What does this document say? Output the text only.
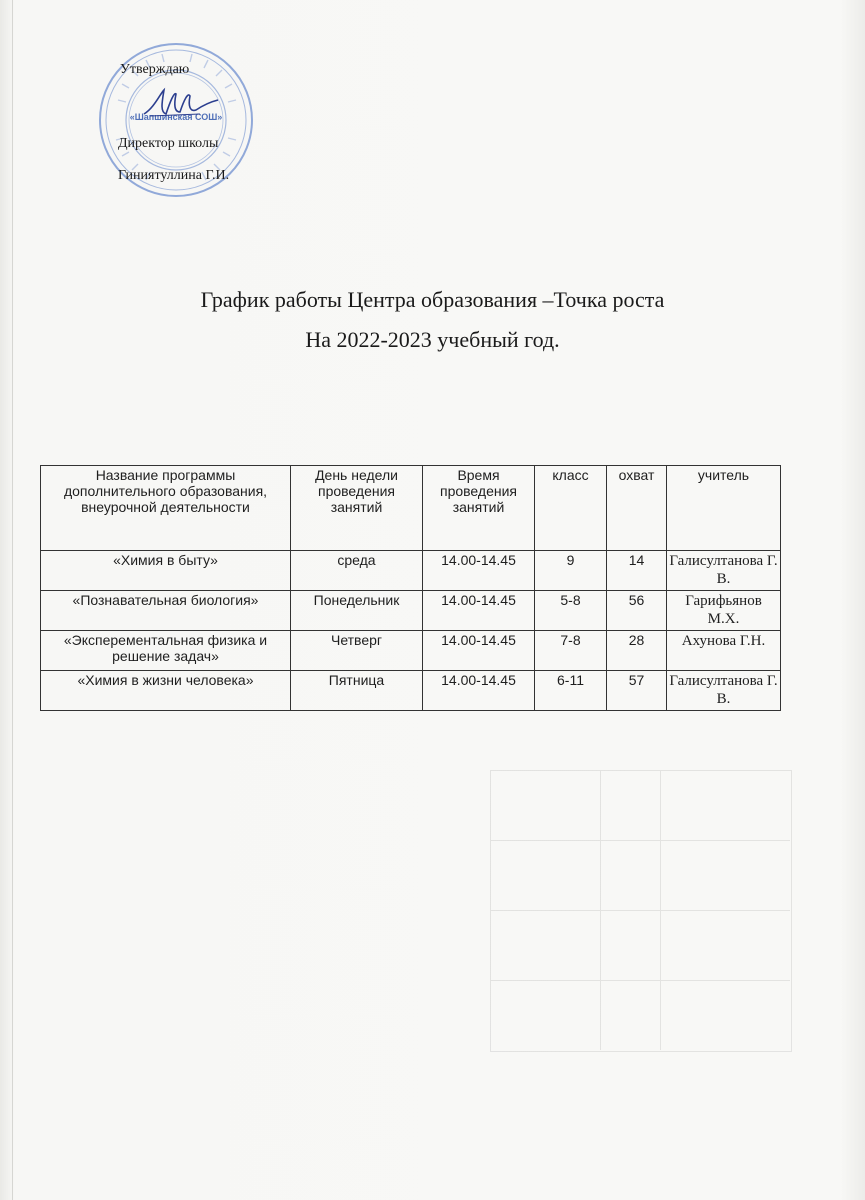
«Шапшинская СОШ»
Утверждаю
Директор школы
Гиниятуллина Г.И.
График работы Центра образования –Точка роста
На 2022-2023 учебный год.
Название программы дополнительного образования, внеурочной деятельности	День недели проведения занятий	Время проведения занятий	класс	охват	учитель
«Химия в быту»	среда	14.00-14.45	9	14	Галисултанова Г.В.
«Познавательная биология»	Понедельник	14.00-14.45	5-8	56	Гарифьянов М.Х.
«Эксперементальная физика и решение задач»	Четверг	14.00-14.45	7-8	28	Ахунова Г.Н.
«Химия в жизни человека»	Пятница	14.00-14.45	6-11	57	Галисултанова Г.В.
